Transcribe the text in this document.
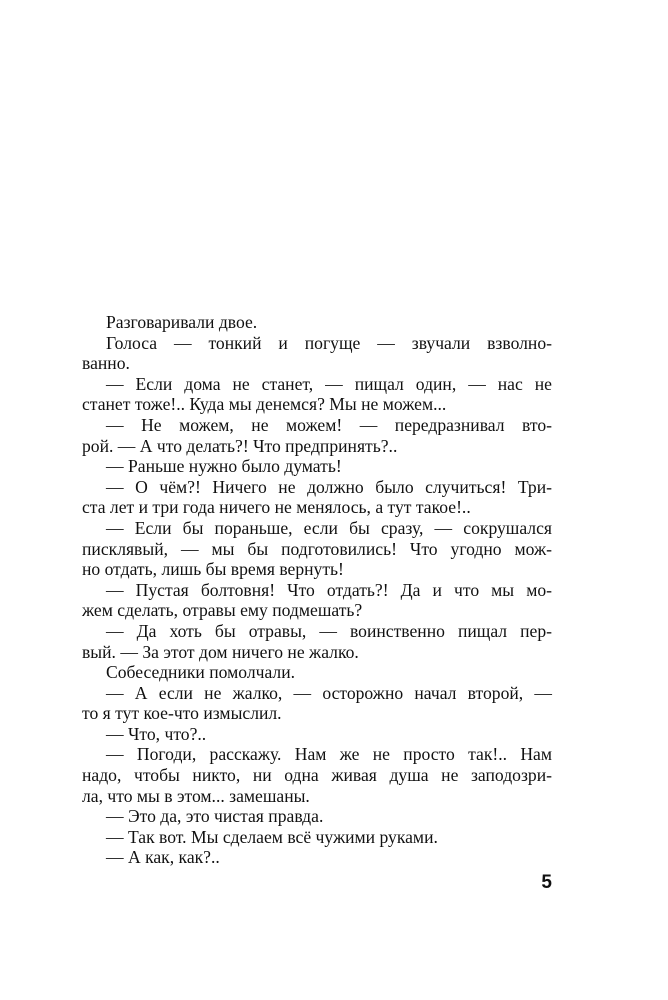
Разговаривали двое.
Голоса — тонкий и погуще — звучали взволно-
ванно.
— Если дома не станет, — пищал один, — нас не
станет тоже!.. Куда мы денемся? Мы не можем...
— Не можем, не можем! — передразнивал вто-
рой. — А что делать?! Что предпринять?..
— Раньше нужно было думать!
— О чём?! Ничего не должно было случиться! Три-
ста лет и три года ничего не менялось, а тут такое!..
— Если бы пораньше, если бы сразу, — сокрушался
писклявый, — мы бы подготовились! Что угодно мож-
но отдать, лишь бы время вернуть!
— Пустая болтовня! Что отдать?! Да и что мы мо-
жем сделать, отравы ему подмешать?
— Да хоть бы отравы, — воинственно пищал пер-
вый. — За этот дом ничего не жалко.
Собеседники помолчали.
— А если не жалко, — осторожно начал второй, —
то я тут кое-что измыслил.
— Что, что?..
— Погоди, расскажу. Нам же не просто так!.. Нам
надо, чтобы никто, ни одна живая душа не заподозри-
ла, что мы в этом... замешаны.
— Это да, это чистая правда.
— Так вот. Мы сделаем всё чужими руками.
— А как, как?..
5
